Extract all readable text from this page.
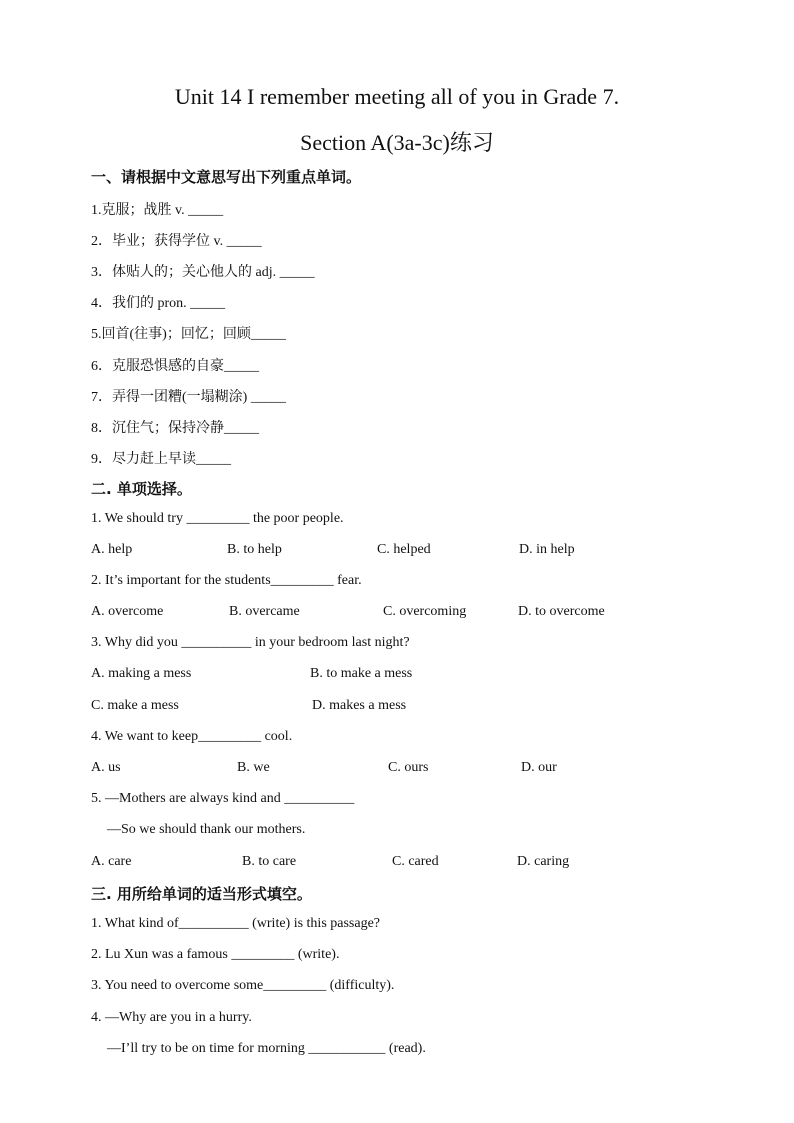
Unit 14 I remember meeting all of you in Grade 7.
Section A(3a-3c)练习
一、请根据中文意思写出下列重点单词。
1.克服；战胜 v. _____
2．毕业；获得学位 v. _____
3．体贴人的；关心他人的 adj. _____
4．我们的 pron. _____
5.回首(往事)；回忆；回顾_____
6．克服恐惧感的自豪_____
7．弄得一团糟(一塌糊涂) _____
8．沉住气；保持冷静_____
9．尽力赶上早读_____
二. 单项选择。
1. We should try _________ the poor people.
A. help	B. to help	C. helped	D. in help
2. It’s important for the students_________ fear.
A. overcome	B. overcame	C. overcoming	D. to overcome
3. Why did you __________ in your bedroom last night?
A. making a mess	B. to make a mess
C. make a mess	D. makes a mess
4. We want to keep_________ cool.
A. us	B. we	C. ours	D. our
5. —Mothers are always kind and __________
—So we should thank our mothers.
A. care	B. to care	C. cared	D. caring
三. 用所给单词的适当形式填空。
1. What kind of__________ (write) is this passage?
2. Lu Xun was a famous _________ (write).
3. You need to overcome some_________ (difficulty).
4. —Why are you in a hurry.
—I’ll try to be on time for morning ___________ (read).
